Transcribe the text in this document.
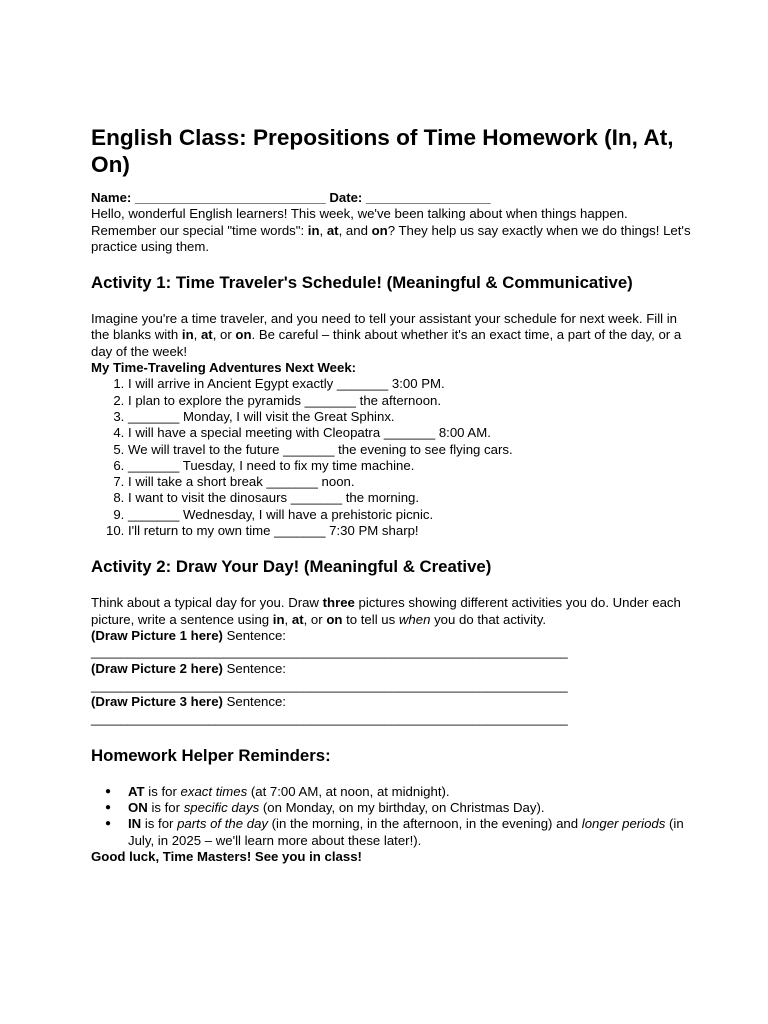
English Class: Prepositions of Time Homework (In, At, On)

Name: __________________________ Date: _________________

Hello, wonderful English learners! This week, we've been talking about when things happen. Remember our special "time words": in, at, and on? They help us say exactly when we do things! Let's practice using them.

Activity 1: Time Traveler's Schedule! (Meaningful & Communicative)

Imagine you're a time traveler, and you need to tell your assistant your schedule for next week. Fill in the blanks with in, at, or on. Be careful – think about whether it's an exact time, a part of the day, or a day of the week!

My Time-Traveling Adventures Next Week:

1. I will arrive in Ancient Egypt exactly _______ 3:00 PM.
2. I plan to explore the pyramids _______ the afternoon.
3. _______ Monday, I will visit the Great Sphinx.
4. I will have a special meeting with Cleopatra _______ 8:00 AM.
5. We will travel to the future _______ the evening to see flying cars.
6. _______ Tuesday, I need to fix my time machine.
7. I will take a short break _______ noon.
8. I want to visit the dinosaurs _______ the morning.
9. _______ Wednesday, I will have a prehistoric picnic.
10. I'll return to my own time _______ 7:30 PM sharp!
Activity 2: Draw Your Day! (Meaningful & Creative)

Think about a typical day for you. Draw three pictures showing different activities you do. Under each picture, write a sentence using in, at, or on to tell us when you do that activity.

(Draw Picture 1 here) Sentence:

_________________________________________________________________

(Draw Picture 2 here) Sentence:

_________________________________________________________________

(Draw Picture 3 here) Sentence:

_________________________________________________________________

Homework Helper Reminders:
● AT is for exact times (at 7:00 AM, at noon, at midnight).
● ON is for specific days (on Monday, on my birthday, on Christmas Day).
● IN is for parts of the day (in the morning, in the afternoon, in the evening) and longer periods (in July, in 2025 – we'll learn more about these later!).

Good luck, Time Masters! See you in class!
